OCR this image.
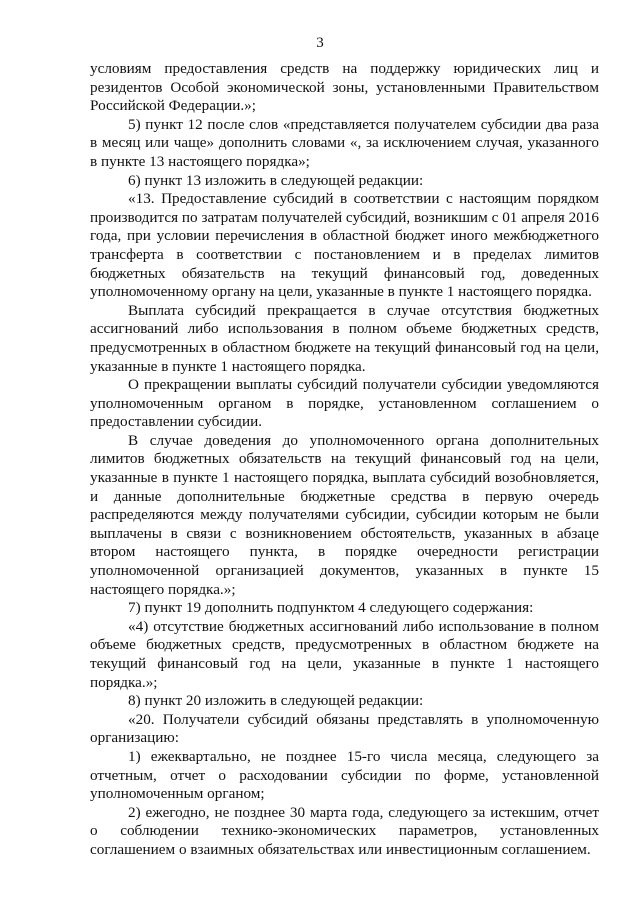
3

условиям предоставления средств на поддержку юридических лиц и резидентов Особой экономической зоны, установленными Правительством Российской Федерации.»;

5) пункт 12 после слов «представляется получателем субсидии два раза в месяц или чаще» дополнить словами «, за исключением случая, указанного в пункте 13 настоящего порядка»;

6) пункт 13 изложить в следующей редакции:

«13. Предоставление субсидий в соответствии с настоящим порядком производится по затратам получателей субсидий, возникшим с 01 апреля 2016 года, при условии перечисления в областной бюджет иного межбюджетного трансферта в соответствии с постановлением и в пределах лимитов бюджетных обязательств на текущий финансовый год, доведенных уполномоченному органу на цели, указанные в пункте 1 настоящего порядка.

Выплата субсидий прекращается в случае отсутствия бюджетных ассигнований либо использования в полном объеме бюджетных средств, предусмотренных в областном бюджете на текущий финансовый год на цели, указанные в пункте 1 настоящего порядка.

О прекращении выплаты субсидий получатели субсидии уведомляются уполномоченным органом в порядке, установленном соглашением о предоставлении субсидии.

В случае доведения до уполномоченного органа дополнительных лимитов бюджетных обязательств на текущий финансовый год на цели, указанные в пункте 1 настоящего порядка, выплата субсидий возобновляется, и данные дополнительные бюджетные средства в первую очередь распределяются между получателями субсидии, субсидии которым не были выплачены в связи с возникновением обстоятельств, указанных в абзаце втором настоящего пункта, в порядке очередности регистрации уполномоченной организацией документов, указанных в пункте 15 настоящего порядка.»;

7) пункт 19 дополнить подпунктом 4 следующего содержания:

«4) отсутствие бюджетных ассигнований либо использование в полном объеме бюджетных средств, предусмотренных в областном бюджете на текущий финансовый год на цели, указанные в пункте 1 настоящего порядка.»;

8) пункт 20 изложить в следующей редакции:

«20. Получатели субсидий обязаны представлять в уполномоченную организацию:

1) ежеквартально, не позднее 15-го числа месяца, следующего за отчетным, отчет о расходовании субсидии по форме, установленной уполномоченным органом;

2) ежегодно, не позднее 30 марта года, следующего за истекшим, отчет о соблюдении технико-экономических параметров, установленных соглашением о взаимных обязательствах или инвестиционным соглашением.
